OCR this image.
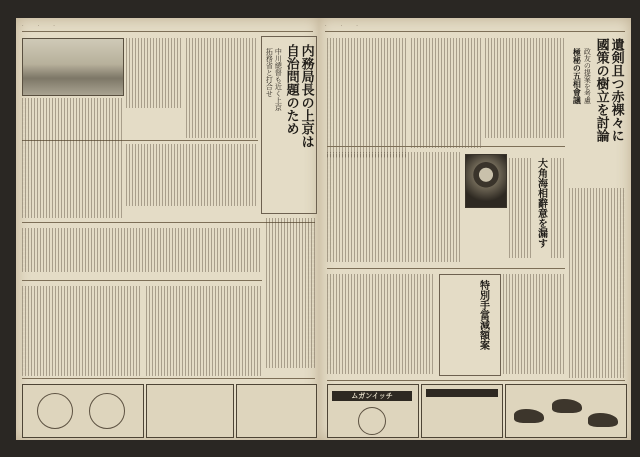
·	·	·
内務局長の上京は
自治問題のため
中川總督も近く上京
拓務省と打合せ
·	·	·
遺剣且つ赤裸々に
國策の樹立を討論
政友の提案を考慮
極秘の五相會議
大角海相辭意を漏す
特別手當減額案
ムガンイッチ
